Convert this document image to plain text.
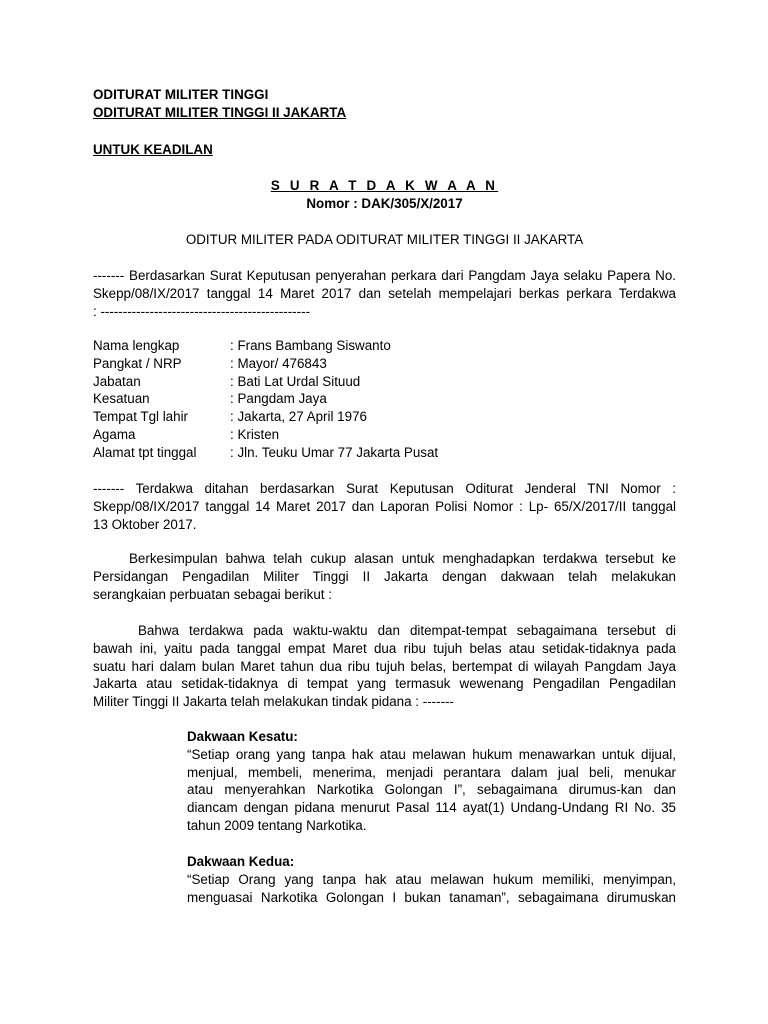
ODITURAT MILITER TINGGI
ODITURAT MILITER TINGGI II JAKARTA
UNTUK KEADILAN
S U R A T D A K W A A N
Nomor : DAK/305/X/2017
ODITUR MILITER PADA ODITURAT MILITER TINGGI II JAKARTA
------- Berdasarkan Surat Keputusan penyerahan perkara dari Pangdam Jaya selaku Papera No.
Skepp/08/IX/2017 tanggal 14 Maret 2017 dan setelah mempelajari berkas perkara Terdakwa
: -----------------------------------------------
Nama lengkap	: Frans Bambang Siswanto
Pangkat / NRP	: Mayor/ 476843
Jabatan	: Bati Lat Urdal Situud
Kesatuan	: Pangdam Jaya
Tempat Tgl lahir	: Jakarta, 27 April 1976
Agama	: Kristen
Alamat tpt tinggal	: Jln. Teuku Umar 77 Jakarta Pusat
------- Terdakwa ditahan berdasarkan Surat Keputusan Oditurat Jenderal TNI Nomor :
Skepp/08/IX/2017 tanggal 14 Maret 2017 dan Laporan Polisi Nomor : Lp- 65/X/2017/II tanggal
13 Oktober 2017.
Berkesimpulan bahwa telah cukup alasan untuk menghadapkan terdakwa tersebut ke
Persidangan Pengadilan Militer Tinggi II Jakarta dengan dakwaan telah melakukan
serangkaian perbuatan sebagai berikut :
Bahwa terdakwa pada waktu-waktu dan ditempat-tempat sebagaimana tersebut di
bawah ini, yaitu pada tanggal empat Maret dua ribu tujuh belas atau setidak-tidaknya pada
suatu hari dalam bulan Maret tahun dua ribu tujuh belas, bertempat di wilayah Pangdam Jaya
Jakarta atau setidak-tidaknya di tempat yang termasuk wewenang Pengadilan Pengadilan
Militer Tinggi II Jakarta telah melakukan tindak pidana : -------
Dakwaan Kesatu:
“Setiap orang yang tanpa hak atau melawan hukum menawarkan untuk dijual,
menjual, membeli, menerima, menjadi perantara dalam jual beli, menukar
atau menyerahkan Narkotika Golongan I”, sebagaimana dirumus-kan dan
diancam dengan pidana menurut Pasal 114 ayat(1) Undang-Undang RI No. 35
tahun 2009 tentang Narkotika.
Dakwaan Kedua:
“Setiap Orang yang tanpa hak atau melawan hukum memiliki, menyimpan,
menguasai Narkotika Golongan I bukan tanaman”, sebagaimana dirumuskan
